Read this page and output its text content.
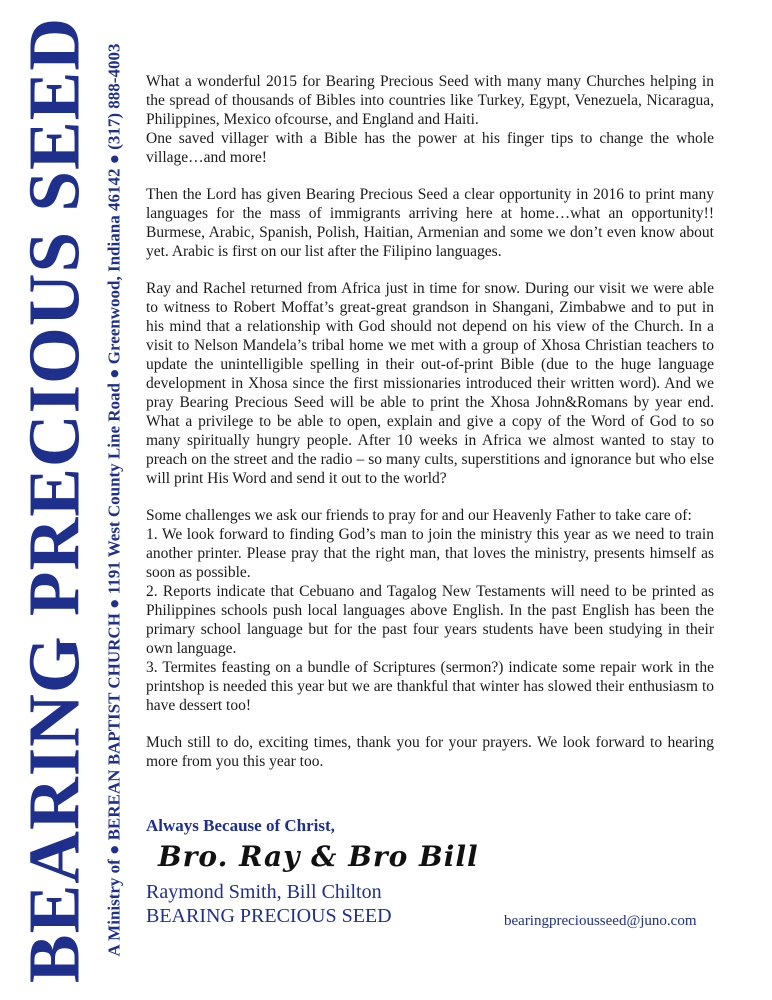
BEARING PRECIOUS SEED A Ministry of ● BEREAN BAPTIST CHURCH ● 1191 West County Line Road ● Greenwood, Indiana 46142 ● (317) 888-4003 What a wonderful 2015 for Bearing Precious Seed with many many Churches helping in the spread of thousands of Bibles into countries like Turkey, Egypt, Venezuela, Nicaragua, Philippines, Mexico ofcourse, and England and Haiti.

One saved villager with a Bible has the power at his finger tips to change the whole village…and more!

Then the Lord has given Bearing Precious Seed a clear opportunity in 2016 to print many languages for the mass of immigrants arriving here at home…what an opportunity!! Burmese, Arabic, Spanish, Polish, Haitian, Armenian and some we don’t even know about yet. Arabic is first on our list after the Filipino languages.

Ray and Rachel returned from Africa just in time for snow. During our visit we were able to witness to Robert Moffat’s great-great grandson in Shangani, Zimbabwe and to put in his mind that a relationship with God should not depend on his view of the Church. In a visit to Nelson Mandela’s tribal home we met with a group of Xhosa Christian teachers to update the unintelligible spelling in their out-of-print Bible (due to the huge language development in Xhosa since the first missionaries introduced their written word). And we pray Bearing Precious Seed will be able to print the Xhosa John&Romans by year end. What a privilege to be able to open, explain and give a copy of the Word of God to so many spiritually hungry people. After 10 weeks in Africa we almost wanted to stay to preach on the street and the radio – so many cults, superstitions and ignorance but who else will print His Word and send it out to the world?

Some challenges we ask our friends to pray for and our Heavenly Father to take care of:

1. We look forward to finding God’s man to join the ministry this year as we need to train another printer. Please pray that the right man, that loves the ministry, presents himself as soon as possible.

2. Reports indicate that Cebuano and Tagalog New Testaments will need to be printed as Philippines schools push local languages above English. In the past English has been the primary school language but for the past four years students have been studying in their own language.

3. Termites feasting on a bundle of Scriptures (sermon?) indicate some repair work in the printshop is needed this year but we are thankful that winter has slowed their enthusiasm to have dessert too!

Much still to do, exciting times, thank you for your prayers. We look forward to hearing more from you this year too.

Always Because of Christ,
Bro. Ray & Bro Bill
Raymond Smith, Bill Chilton
BEARING PRECIOUS SEED	bearingpreciousseed@juno.com
